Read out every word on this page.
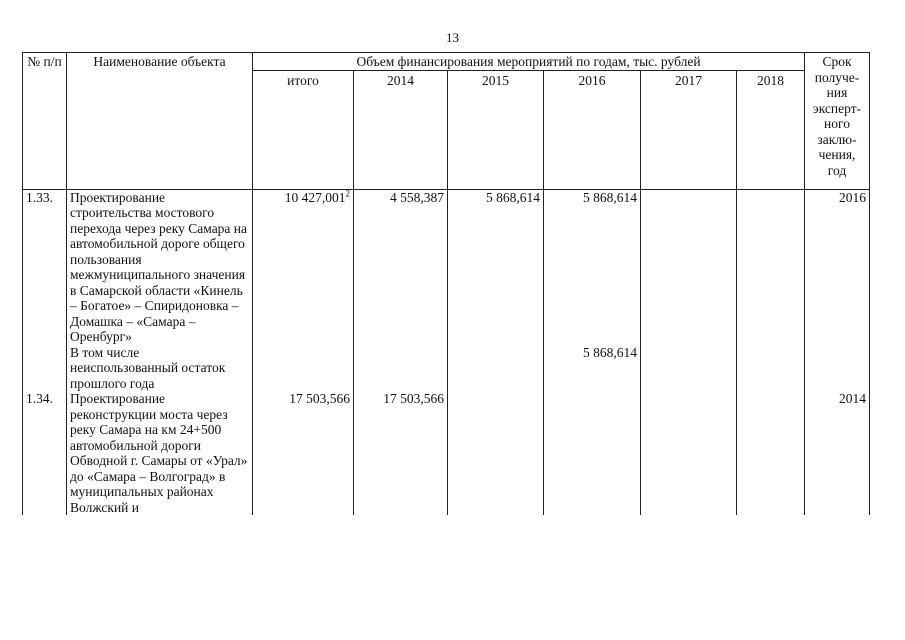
13
№ п/п	Наименование объекта	Объем финансирования мероприятий по годам, тыс. рублей						Срок получе-ния эксперт-ного заклю-чения, год
		итого	2014	2015	2016	2017	2018	
1.33.	Проектирование строительства мостового перехода через реку Самара на автомобильной дороге общего пользования межмуниципального значения в Самарской области «Кинель – Богатое» – Спиридоновка – Домашка – «Самара – Оренбург»	10 427,001$^2$	4 558,387	5 868,614	5 868,614			2016
	В том числе неиспользованный остаток прошлого года				5 868,614			
1.34.	Проектирование реконструкции моста через реку Самара на км 24+500 автомобильной дороги Обводной г. Самары от «Урал» до «Самара – Волгоград» в муниципальных районах Волжский и	17 503,566	17 503,566					2014
